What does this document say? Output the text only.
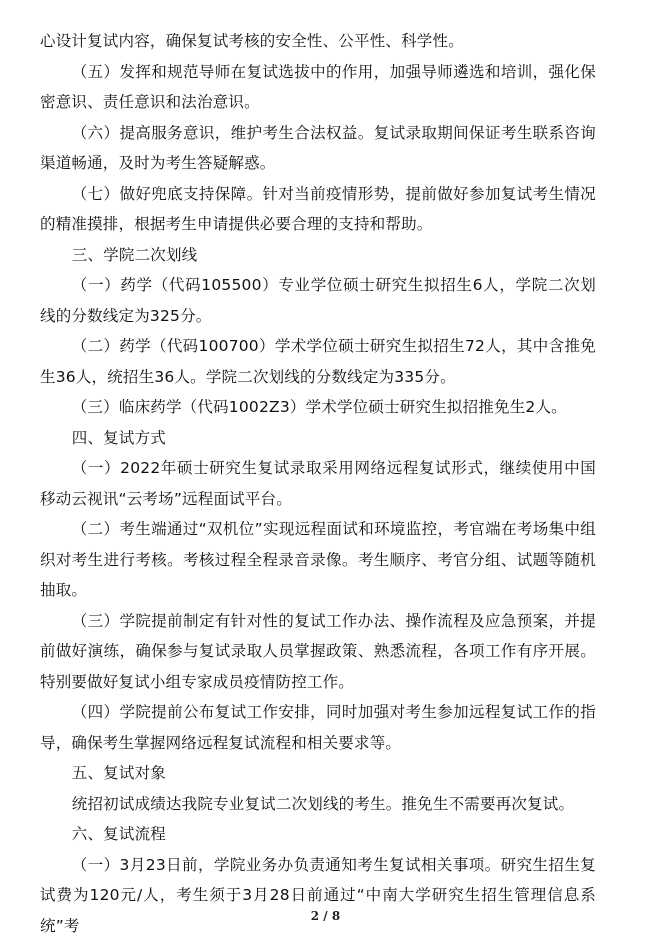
心设计复试内容，确保复试考核的安全性、公平性、科学性。

（五）发挥和规范导师在复试选拔中的作用，加强导师遴选和培训，强化保密意识、责任意识和法治意识。

（六）提高服务意识，维护考生合法权益。复试录取期间保证考生联系咨询渠道畅通，及时为考生答疑解惑。

（七）做好兜底支持保障。针对当前疫情形势，提前做好参加复试考生情况的精准摸排，根据考生申请提供必要合理的支持和帮助。

三、学院二次划线

（一）药学（代码105500）专业学位硕士研究生拟招生6人，学院二次划线的分数线定为325分。

（二）药学（代码100700）学术学位硕士研究生拟招生72人，其中含推免生36人，统招生36人。学院二次划线的分数线定为335分。

（三）临床药学（代码1002Z3）学术学位硕士研究生拟招推免生2人。

四、复试方式

（一）2022年硕士研究生复试录取采用网络远程复试形式，继续使用中国移动云视讯“云考场”远程面试平台。

（二）考生端通过“双机位”实现远程面试和环境监控，考官端在考场集中组织对考生进行考核。考核过程全程录音录像。考生顺序、考官分组、试题等随机抽取。

（三）学院提前制定有针对性的复试工作办法、操作流程及应急预案，并提前做好演练，确保参与复试录取人员掌握政策、熟悉流程，各项工作有序开展。特别要做好复试小组专家成员疫情防控工作。

（四）学院提前公布复试工作安排，同时加强对考生参加远程复试工作的指导，确保考生掌握网络远程复试流程和相关要求等。

五、复试对象

统招初试成绩达我院专业复试二次划线的考生。推免生不需要再次复试。

六、复试流程

（一）3月23日前，学院业务办负责通知考生复试相关事项。研究生招生复试费为120元/人，考生须于3月28日前通过“中南大学研究生招生管理信息系统”考

2 / 8
